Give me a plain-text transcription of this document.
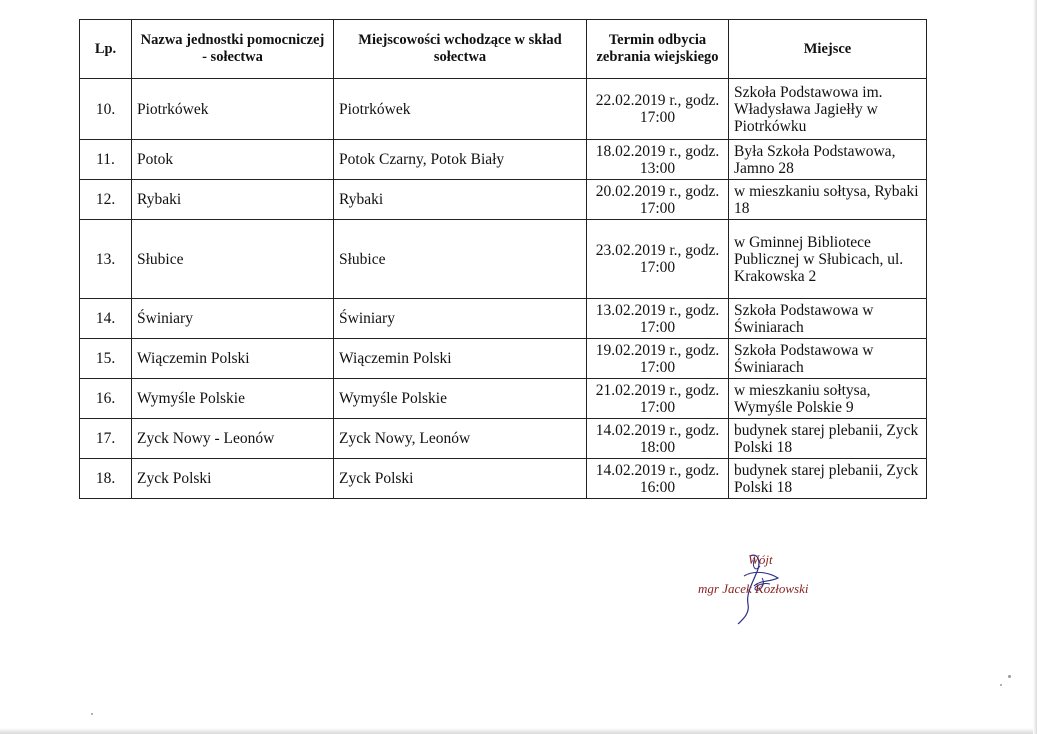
Lp.	Nazwa jednostki pomocniczej - sołectwa	Miejscowości wchodzące w skład sołectwa	Termin odbycia zebrania wiejskiego	Miejsce
10.	Piotrkówek	Piotrkówek	22.02.2019 r., godz. 17:00	Szkoła Podstawowa im. Władysława Jagiełły w Piotrkówku
11.	Potok	Potok Czarny, Potok Biały	18.02.2019 r., godz. 13:00	Była Szkoła Podstawowa, Jamno 28
12.	Rybaki	Rybaki	20.02.2019 r., godz. 17:00	w mieszkaniu sołtysa, Rybaki 18
13.	Słubice	Słubice	23.02.2019 r., godz. 17:00	w Gminnej Bibliotece Publicznej w Słubicach, ul. Krakowska 2
14.	Świniary	Świniary	13.02.2019 r., godz. 17:00	Szkoła Podstawowa w Świniarach
15.	Wiączemin Polski	Wiączemin Polski	19.02.2019 r., godz. 17:00	Szkoła Podstawowa w Świniarach
16.	Wymyśle Polskie	Wymyśle Polskie	21.02.2019 r., godz. 17:00	w mieszkaniu sołtysa, Wymyśle Polskie 9
17.	Zyck Nowy - Leonów	Zyck Nowy, Leonów	14.02.2019 r., godz. 18:00	budynek starej plebanii, Zyck Polski 18
18.	Zyck Polski	Zyck Polski	14.02.2019 r., godz. 16:00	budynek starej plebanii, Zyck Polski 18
Wójt
mgr Jacek Kozłowski
